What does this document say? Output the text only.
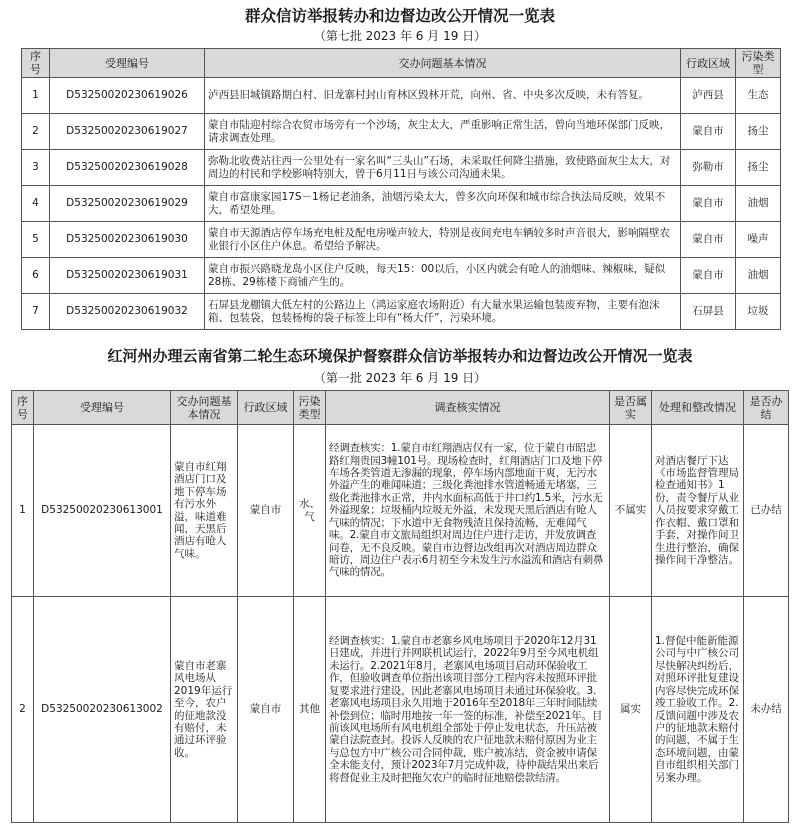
群众信访举报转办和边督边改公开情况一览表
（第七批 2023 年 6 月 19 日）
序号	受理编号	交办问题基本情况	行政区域	污染类型
1	D53250020230619026	泸西县旧城镇路期白村、旧龙寨村封山育林区毁林开荒，向州、省、中央多次反映，未有答复。	泸西县	生态
2	D53250020230619027	蒙自市陆迎村综合农贸市场旁有一个沙场，灰尘太大，严重影响正常生活，曾向当地环保部门反映，请求调查处理。	蒙自市	扬尘
3	D53250020230619028	弥勒北收费站往西一公里处有一家名叫“三头山”石场，未采取任何降尘措施，致使路面灰尘太大，对周边的村民和学校影响特别大，曾于6月11日与该公司沟通未果。	弥勒市	扬尘
4	D53250020230619029	蒙自市富康家园17S－1杨记老油条，油烟污染太大，曾多次向环保和城市综合执法局反映，效果不大，希望处理。	蒙自市	油烟
5	D53250020230619030	蒙自市天源酒店停车场充电桩及配电房噪声较大，特别是夜间充电车辆较多时声音很大，影响隔壁农业银行小区住户休息。希望给予解决。	蒙自市	噪声
6	D53250020230619031	蒙自市振兴路晓龙岛小区住户反映，每天15：00以后，小区内就会有呛人的油烟味、辣椒味，疑似28栋、29栋楼下商铺产生的。	蒙自市	油烟
7	D53250020230619032	石屏县龙棚镇大低左村的公路边上（鸿运家庭农场附近）有大量水果运输包装废弃物，主要有泡沫箱、包装袋，包装杨梅的袋子标签上印有“杨大仟”，污染环境。	石屏县	垃圾
红河州办理云南省第二轮生态环境保护督察群众信访举报转办和边督边改公开情况一览表
（第一批 2023 年 6 月 19 日）
序号	受理编号	交办问题基本情况	行政区域	污染类型	调查核实情况	是否属实	处理和整改情况	是否办结
1	D53250020230613001	蒙自市红翔酒店门口及地下停车场有污水外溢，味道难闻，天黑后酒店有呛人气味。	蒙自市	水、气	经调查核实：1.蒙自市红翔酒店仅有一家，位于蒙自市昭忠路红翔贵园3幢101号。现场检查时，红翔酒店门口及地下停车场各类管道无渗漏的现象，停车场内部地面干爽，无污水外溢产生的难闻味道；三级化粪池排水管道畅通无堵塞，三级化粪池排水正常，井内水面标高低于井口约1.5米，污水无外溢现象；垃圾桶内垃圾无外溢，未发现天黑后酒店有呛人气味的情况；下水道中无食物残渣且保持流畅，无难闻气味。2.蒙自市文旅局组织对周边住户进行走访，并发放调查问卷，无不良反映。蒙自市边督边改组再次对酒店周边群众暗访，周边住户表示6月初至今未发生污水溢流和酒店有刺鼻气味的情况。	不属实	对酒店餐厅下达《市场监督管理局检查通知书》1份，责令餐厅从业人员按要求穿戴工作衣帽、戴口罩和手套，对操作间卫生进行整治，确保操作间干净整洁。	已办结
2	D53250020230613002	蒙自市老寨风电场从2019年运行至今，农户的征地款没有赔付，未通过环评验收。	蒙自市	其他	经调查核实：1.蒙自市老寨乡风电场项目于2020年12月31日建成，并进行并网联机试运行，2022年9月至今风电机组未运行。2.2021年8月，老寨风电场项目启动环保验收工作，但验收调查单位指出该项目部分工程内容未按照环评批复要求进行建设，因此老寨风电场项目未通过环保验收。3.老寨风电场项目永久用地于2016年至2018年三年时间陆续补偿到位；临时用地按一年一签的标准，补偿至2021年。目前该风电场所有风电机组全部处于停止发电状态，升压站被蒙自法院查封。投诉人反映的农户征地款未赔付原因为业主与总包方中广核公司合同仲裁，账户被冻结，资金被申请保全未能支付，预计2023年7月完成仲裁，待仲裁结果出来后将督促业主及时把拖欠农户的临时征地赔偿款结清。	属实	1.督促中能新能源公司与中广核公司尽快解决纠纷后，对照环评批复建设内容尽快完成环保竣工验收工作。2.反馈问题中涉及农户的征地款未赔付的问题，不属于生态环境问题，由蒙自市组织相关部门另案办理。	未办结
